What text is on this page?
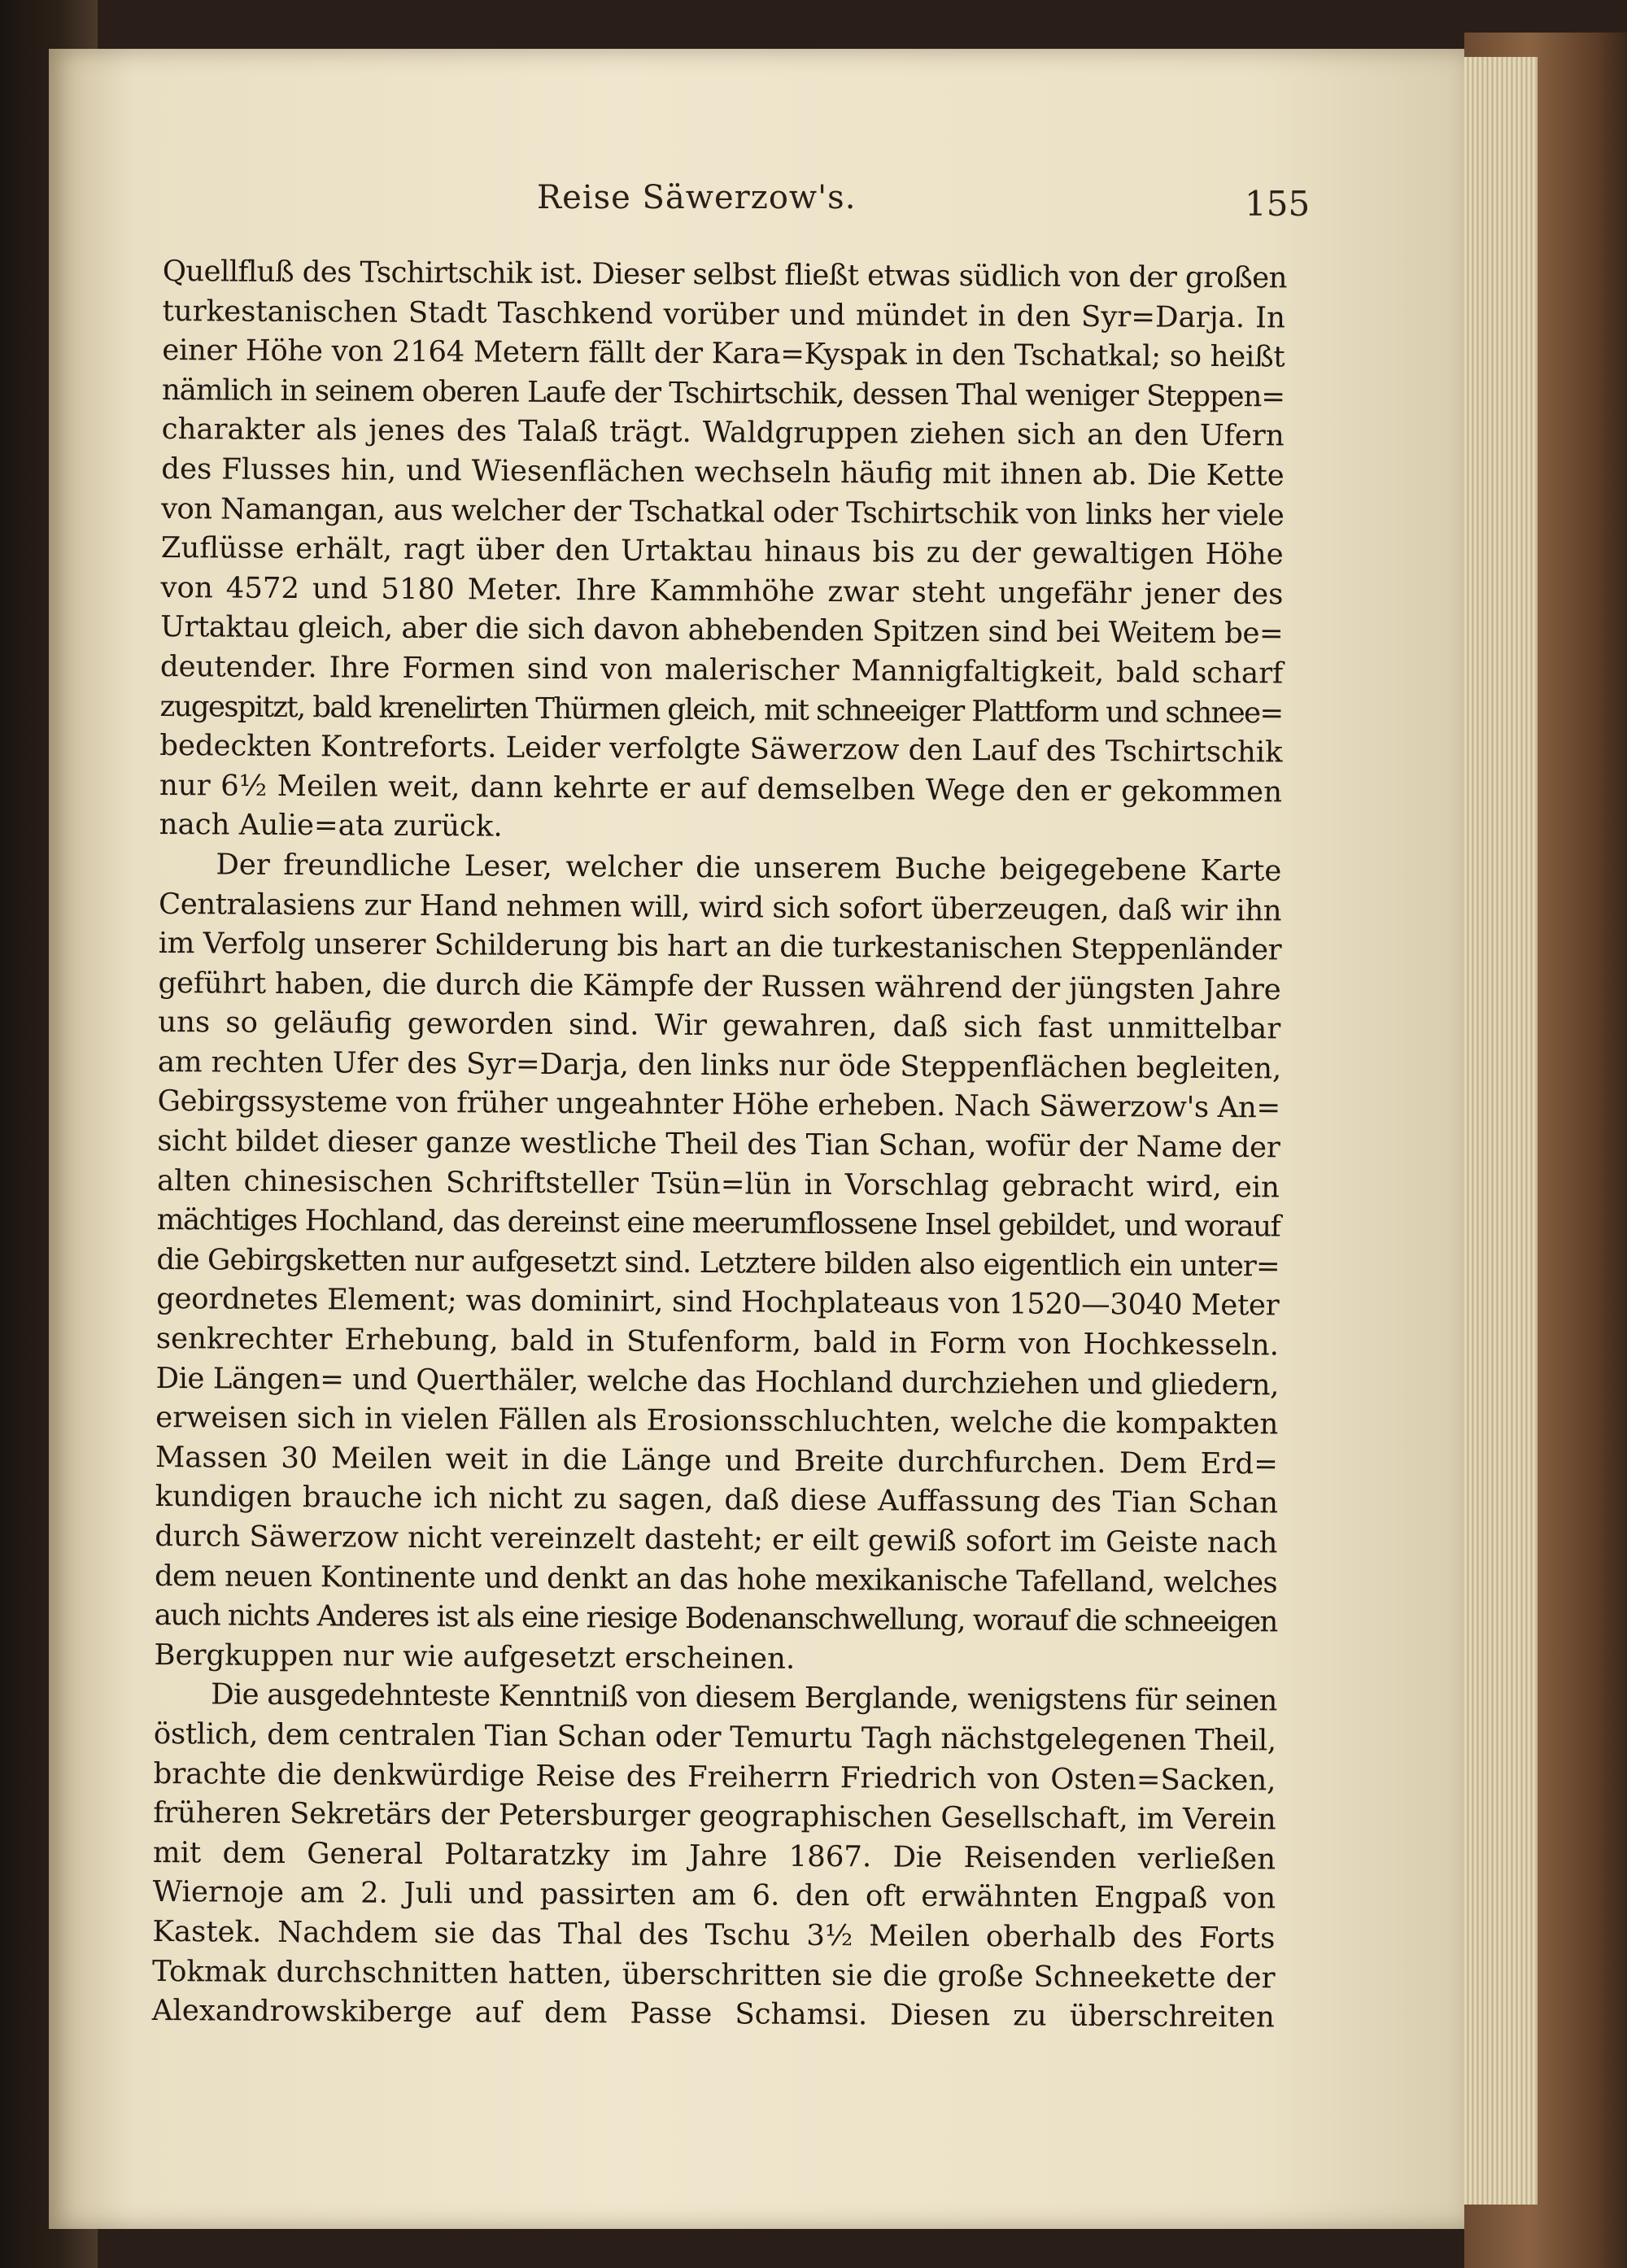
Reise Säwerzow's.	155

Quellfluß des Tschirtschik ist. Dieser selbst fließt etwas südlich von der großen
turkestanischen Stadt Taschkend vorüber und mündet in den Syr=Darja. In
einer Höhe von 2164 Metern fällt der Kara=Kyspak in den Tschatkal; so heißt
nämlich in seinem oberen Laufe der Tschirtschik, dessen Thal weniger Steppen=
charakter als jenes des Talaß trägt. Waldgruppen ziehen sich an den Ufern
des Flusses hin, und Wiesenflächen wechseln häufig mit ihnen ab. Die Kette
von Namangan, aus welcher der Tschatkal oder Tschirtschik von links her viele
Zuflüsse erhält, ragt über den Urtaktau hinaus bis zu der gewaltigen Höhe
von 4572 und 5180 Meter. Ihre Kammhöhe zwar steht ungefähr jener des
Urtaktau gleich, aber die sich davon abhebenden Spitzen sind bei Weitem be=
deutender. Ihre Formen sind von malerischer Mannigfaltigkeit, bald scharf
zugespitzt, bald krenelirten Thürmen gleich, mit schneeiger Plattform und schnee=
bedeckten Kontreforts. Leider verfolgte Säwerzow den Lauf des Tschirtschik
nur 6½ Meilen weit, dann kehrte er auf demselben Wege den er gekommen
nach Aulie=ata zurück.

Der freundliche Leser, welcher die unserem Buche beigegebene Karte
Centralasiens zur Hand nehmen will, wird sich sofort überzeugen, daß wir ihn
im Verfolg unserer Schilderung bis hart an die turkestanischen Steppenländer
geführt haben, die durch die Kämpfe der Russen während der jüngsten Jahre
uns so geläufig geworden sind. Wir gewahren, daß sich fast unmittelbar
am rechten Ufer des Syr=Darja, den links nur öde Steppenflächen begleiten,
Gebirgssysteme von früher ungeahnter Höhe erheben. Nach Säwerzow's An=
sicht bildet dieser ganze westliche Theil des Tian Schan, wofür der Name der
alten chinesischen Schriftsteller Tsün=lün in Vorschlag gebracht wird, ein
mächtiges Hochland, das dereinst eine meerumflossene Insel gebildet, und worauf
die Gebirgsketten nur aufgesetzt sind. Letztere bilden also eigentlich ein unter=
geordnetes Element; was dominirt, sind Hochplateaus von 1520—3040 Meter
senkrechter Erhebung, bald in Stufenform, bald in Form von Hochkesseln.
Die Längen= und Querthäler, welche das Hochland durchziehen und gliedern,
erweisen sich in vielen Fällen als Erosionsschluchten, welche die kompakten
Massen 30 Meilen weit in die Länge und Breite durchfurchen. Dem Erd=
kundigen brauche ich nicht zu sagen, daß diese Auffassung des Tian Schan
durch Säwerzow nicht vereinzelt dasteht; er eilt gewiß sofort im Geiste nach
dem neuen Kontinente und denkt an das hohe mexikanische Tafelland, welches
auch nichts Anderes ist als eine riesige Bodenanschwellung, worauf die schneeigen
Bergkuppen nur wie aufgesetzt erscheinen.

Die ausgedehnteste Kenntniß von diesem Berglande, wenigstens für seinen
östlich, dem centralen Tian Schan oder Temurtu Tagh nächstgelegenen Theil,
brachte die denkwürdige Reise des Freiherrn Friedrich von Osten=Sacken,
früheren Sekretärs der Petersburger geographischen Gesellschaft, im Verein
mit dem General Poltaratzky im Jahre 1867. Die Reisenden verließen
Wiernoje am 2. Juli und passirten am 6. den oft erwähnten Engpaß von
Kastek. Nachdem sie das Thal des Tschu 3½ Meilen oberhalb des Forts
Tokmak durchschnitten hatten, überschritten sie die große Schneekette der
Alexandrowskiberge auf dem Passe Schamsi. Diesen zu überschreiten
